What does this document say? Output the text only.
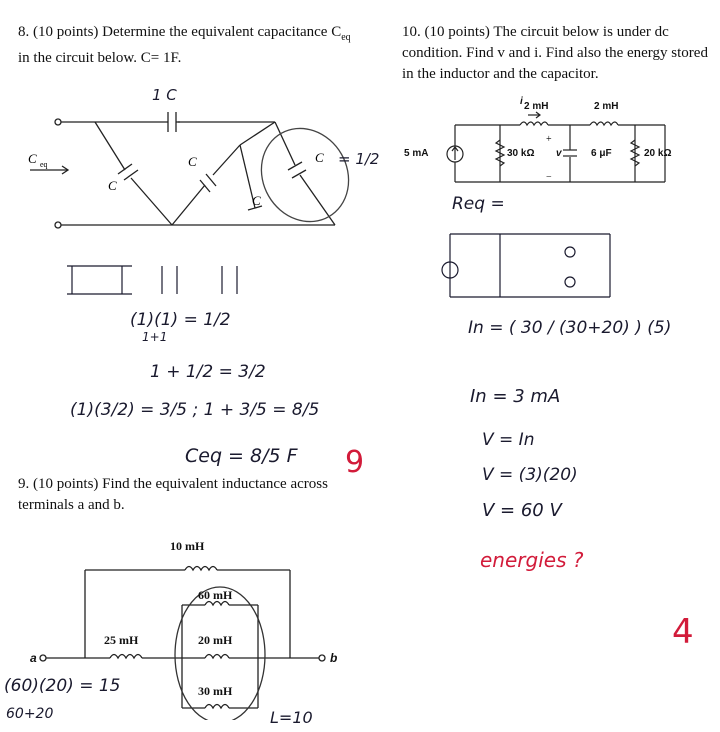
8. (10 points) Determine the equivalent capacitance $C_{eq}$ in the circuit below. C= 1F.
C eq
C
C
C
C
1 C
= 1/2
(1)(1) = 1/2
1+1
1 + 1/2 = 3/2
(1)(3/2) = 3/5 ; 1 + 3/5 = 8/5
Ceq = 8/5 F 9
9. (10 points) Find the equivalent inductance across terminals a and b.
10 mH
60 mH
25 mH	20 mH
30 mH
a	b
(60)(20) = 15
60+20	L=10
10. (10 points) The circuit below is under dc condition. Find v and i. Find also the energy stored in the inductor and the capacitor.
+
−
5 mA	30 kΩ
2 mH	2 mH
6 μF	20 kΩ
i
v
Req =
In = ( 30 / (30+20) ) (5)
In = 3 mA
V = In
V = (3)(20)
V = 60 V
energies ?
4
